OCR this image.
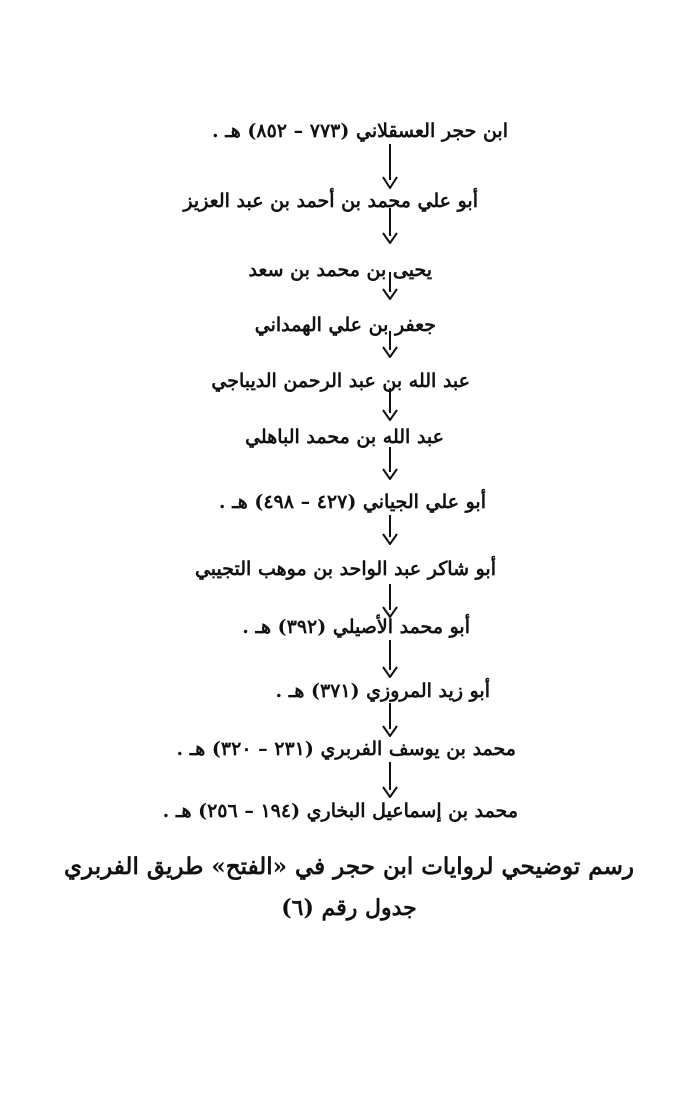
ابن حجر العسقلاني (٧٧٣ – ٨٥٢) هـ .
أبو علي محمد بن أحمد بن عبد العزيز
يحيى بن محمد بن سعد
جعفر بن علي الهمداني
عبد الله بن عبد الرحمن الديباجي
عبد الله بن محمد الباهلي
أبو علي الجياني (٤٢٧ – ٤٩٨) هـ .
أبو شاكر عبد الواحد بن موهب التجيبي
أبو محمد الأصيلي (٣٩٢) هـ .
أبو زيد المروزي (٣٧١) هـ .
محمد بن يوسف الفربري (٢٣١ – ٣٢٠) هـ .
محمد بن إسماعيل البخاري (١٩٤ – ٢٥٦) هـ .
رسم توضيحي لروايات ابن حجر في «الفتح» طريق الفربري
جدول رقم (٦)
